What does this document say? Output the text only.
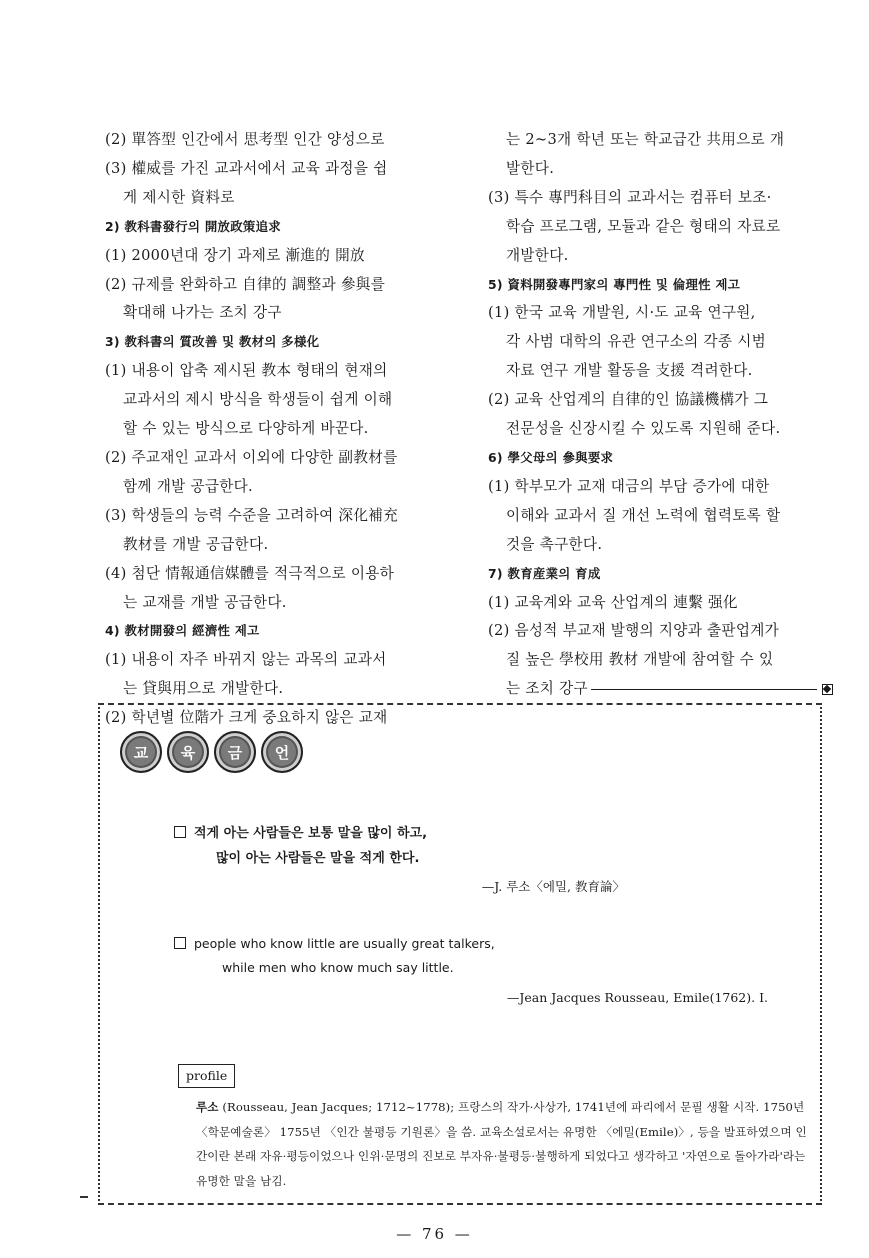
(2) 單答型 인간에서 思考型 인간 양성으로
(3) 權威를 가진 교과서에서 교육 과정을 쉽
게 제시한 資料로
2) 教科書發行의 開放政策追求
(1) 2000년대 장기 과제로 漸進的 開放
(2) 규제를 완화하고 自律的 調整과 參與를
확대해 나가는 조치 강구
3) 教科書의 質改善 및 教材의 多様化
(1) 내용이 압축 제시된 教本 형태의 현재의
교과서의 제시 방식을 학생들이 쉽게 이해
할 수 있는 방식으로 다양하게 바꾼다.
(2) 주교재인 교과서 이외에 다양한 副教材를
함께 개발 공급한다.
(3) 학생들의 능력 수준을 고려하여 深化補充
教材를 개발 공급한다.
(4) 첨단 情報通信媒體를 적극적으로 이용하
는 교재를 개발 공급한다.
4) 教材開發의 經濟性 제고
(1) 내용이 자주 바뀌지 않는 과목의 교과서
는 貸與用으로 개발한다.
(2) 학년별 位階가 크게 중요하지 않은 교재
는 2~3개 학년 또는 학교급간 共用으로 개
발한다.
(3) 특수 專門科目의 교과서는 컴퓨터 보조·
학습 프로그램, 모듈과 같은 형태의 자료로
개발한다.
5) 資料開發專門家의 專門性 및 倫理性 제고
(1) 한국 교육 개발원, 시·도 교육 연구원,
각 사범 대학의 유관 연구소의 각종 시범
자료 연구 개발 활동을 支援 격려한다.
(2) 교육 산업계의 自律的인 協議機構가 그
전문성을 신장시킬 수 있도록 지원해 준다.
6) 學父母의 參與要求
(1) 학부모가 교재 대금의 부담 증가에 대한
이해와 교과서 질 개선 노력에 협력토록 할
것을 촉구한다.
7) 教育産業의 育成
(1) 교육계와 교육 산업계의 連繫 强化
(2) 음성적 부교재 발행의 지양과 출판업계가
질 높은 學校用 教材 개발에 참여할 수 있
는 조치 강구
교	육	금	언
적게 아는 사람들은 보통 말을 많이 하고,
많이 아는 사람들은 말을 적게 한다.
—J. 루소〈에밀, 教育論〉
people who know little are usually great talkers,
while men who know much say little.
—Jean Jacques Rousseau, Emile(1762). I.
profile
루소 (Rousseau, Jean Jacques; 1712~1778); 프랑스의 작가·사상가, 1741년에 파리에서 문필 생활 시작. 1750년 〈학문예술론〉 1755년 〈인간 불평등 기원론〉을 씀. 교육소설로서는 유명한 〈에밀(Emile)〉, 등을 발표하였으며 인간이란 본래 자유·평등이었으나 인위·문명의 진보로 부자유·불평등·불행하게 되었다고 생각하고 '자연으로 돌아가라'라는 유명한 말을 남김.
— 76 —
